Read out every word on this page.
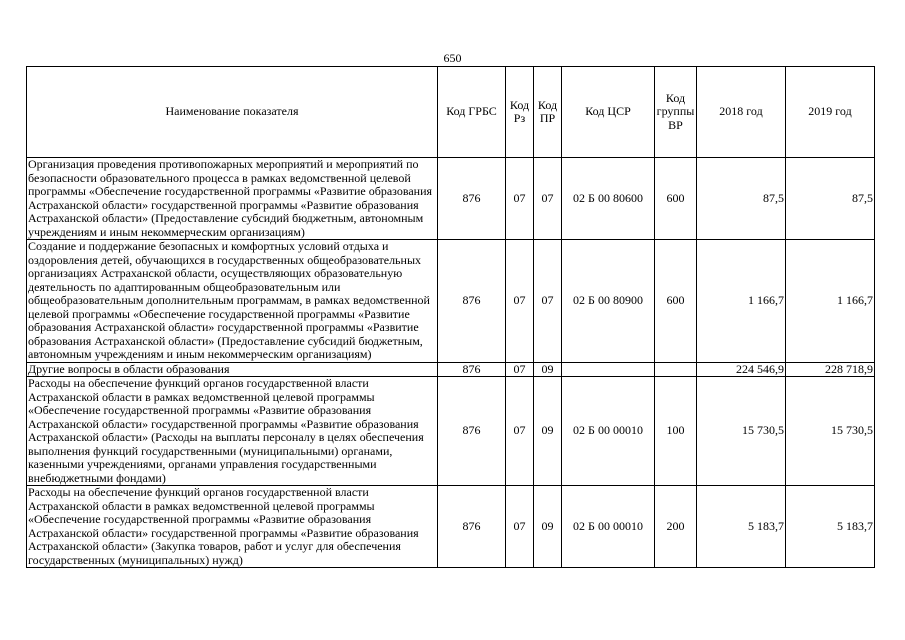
650
Наименование показателя	Код ГРБС	Код Рз	Код ПР	Код ЦСР	Код группы ВР	2018 год	2019 год
Организация проведения противопожарных мероприятий и мероприятий по безопасности образовательного процесса в рамках ведомственной целевой программы «Обеспечение государственной программы «Развитие образования Астраханской области» государственной программы «Развитие образования Астраханской области» (Предоставление субсидий бюджетным, автономным учреждениям и иным некоммерческим организациям)	876	07	07	02 Б 00 80600	600	87,5	87,5
Создание и поддержание безопасных и комфортных условий отдыха и оздоровления детей, обучающихся в государственных общеобразовательных организациях Астраханской области, осуществляющих образовательную деятельность по адаптированным общеобразовательным или общеобразовательным дополнительным программам, в рамках ведомственной целевой программы «Обеспечение государственной программы «Развитие образования Астраханской области» государственной программы «Развитие образования Астраханской области» (Предоставление субсидий бюджетным, автономным учреждениям и иным некоммерческим организациям)	876	07	07	02 Б 00 80900	600	1 166,7	1 166,7
Другие вопросы в области образования	876	07	09			224 546,9	228 718,9
Расходы на обеспечение функций органов государственной власти Астраханской области в рамках ведомственной целевой программы «Обеспечение государственной программы «Развитие образования Астраханской области» государственной программы «Развитие образования Астраханской области» (Расходы на выплаты персоналу в целях обеспечения выполнения функций государственными (муниципальными) органами, казенными учреждениями, органами управления государственными внебюджетными фондами)	876	07	09	02 Б 00 00010	100	15 730,5	15 730,5
Расходы на обеспечение функций органов государственной власти Астраханской области в рамках ведомственной целевой программы «Обеспечение государственной программы «Развитие образования Астраханской области» государственной программы «Развитие образования Астраханской области» (Закупка товаров, работ и услуг для обеспечения государственных (муниципальных) нужд)	876	07	09	02 Б 00 00010	200	5 183,7	5 183,7
